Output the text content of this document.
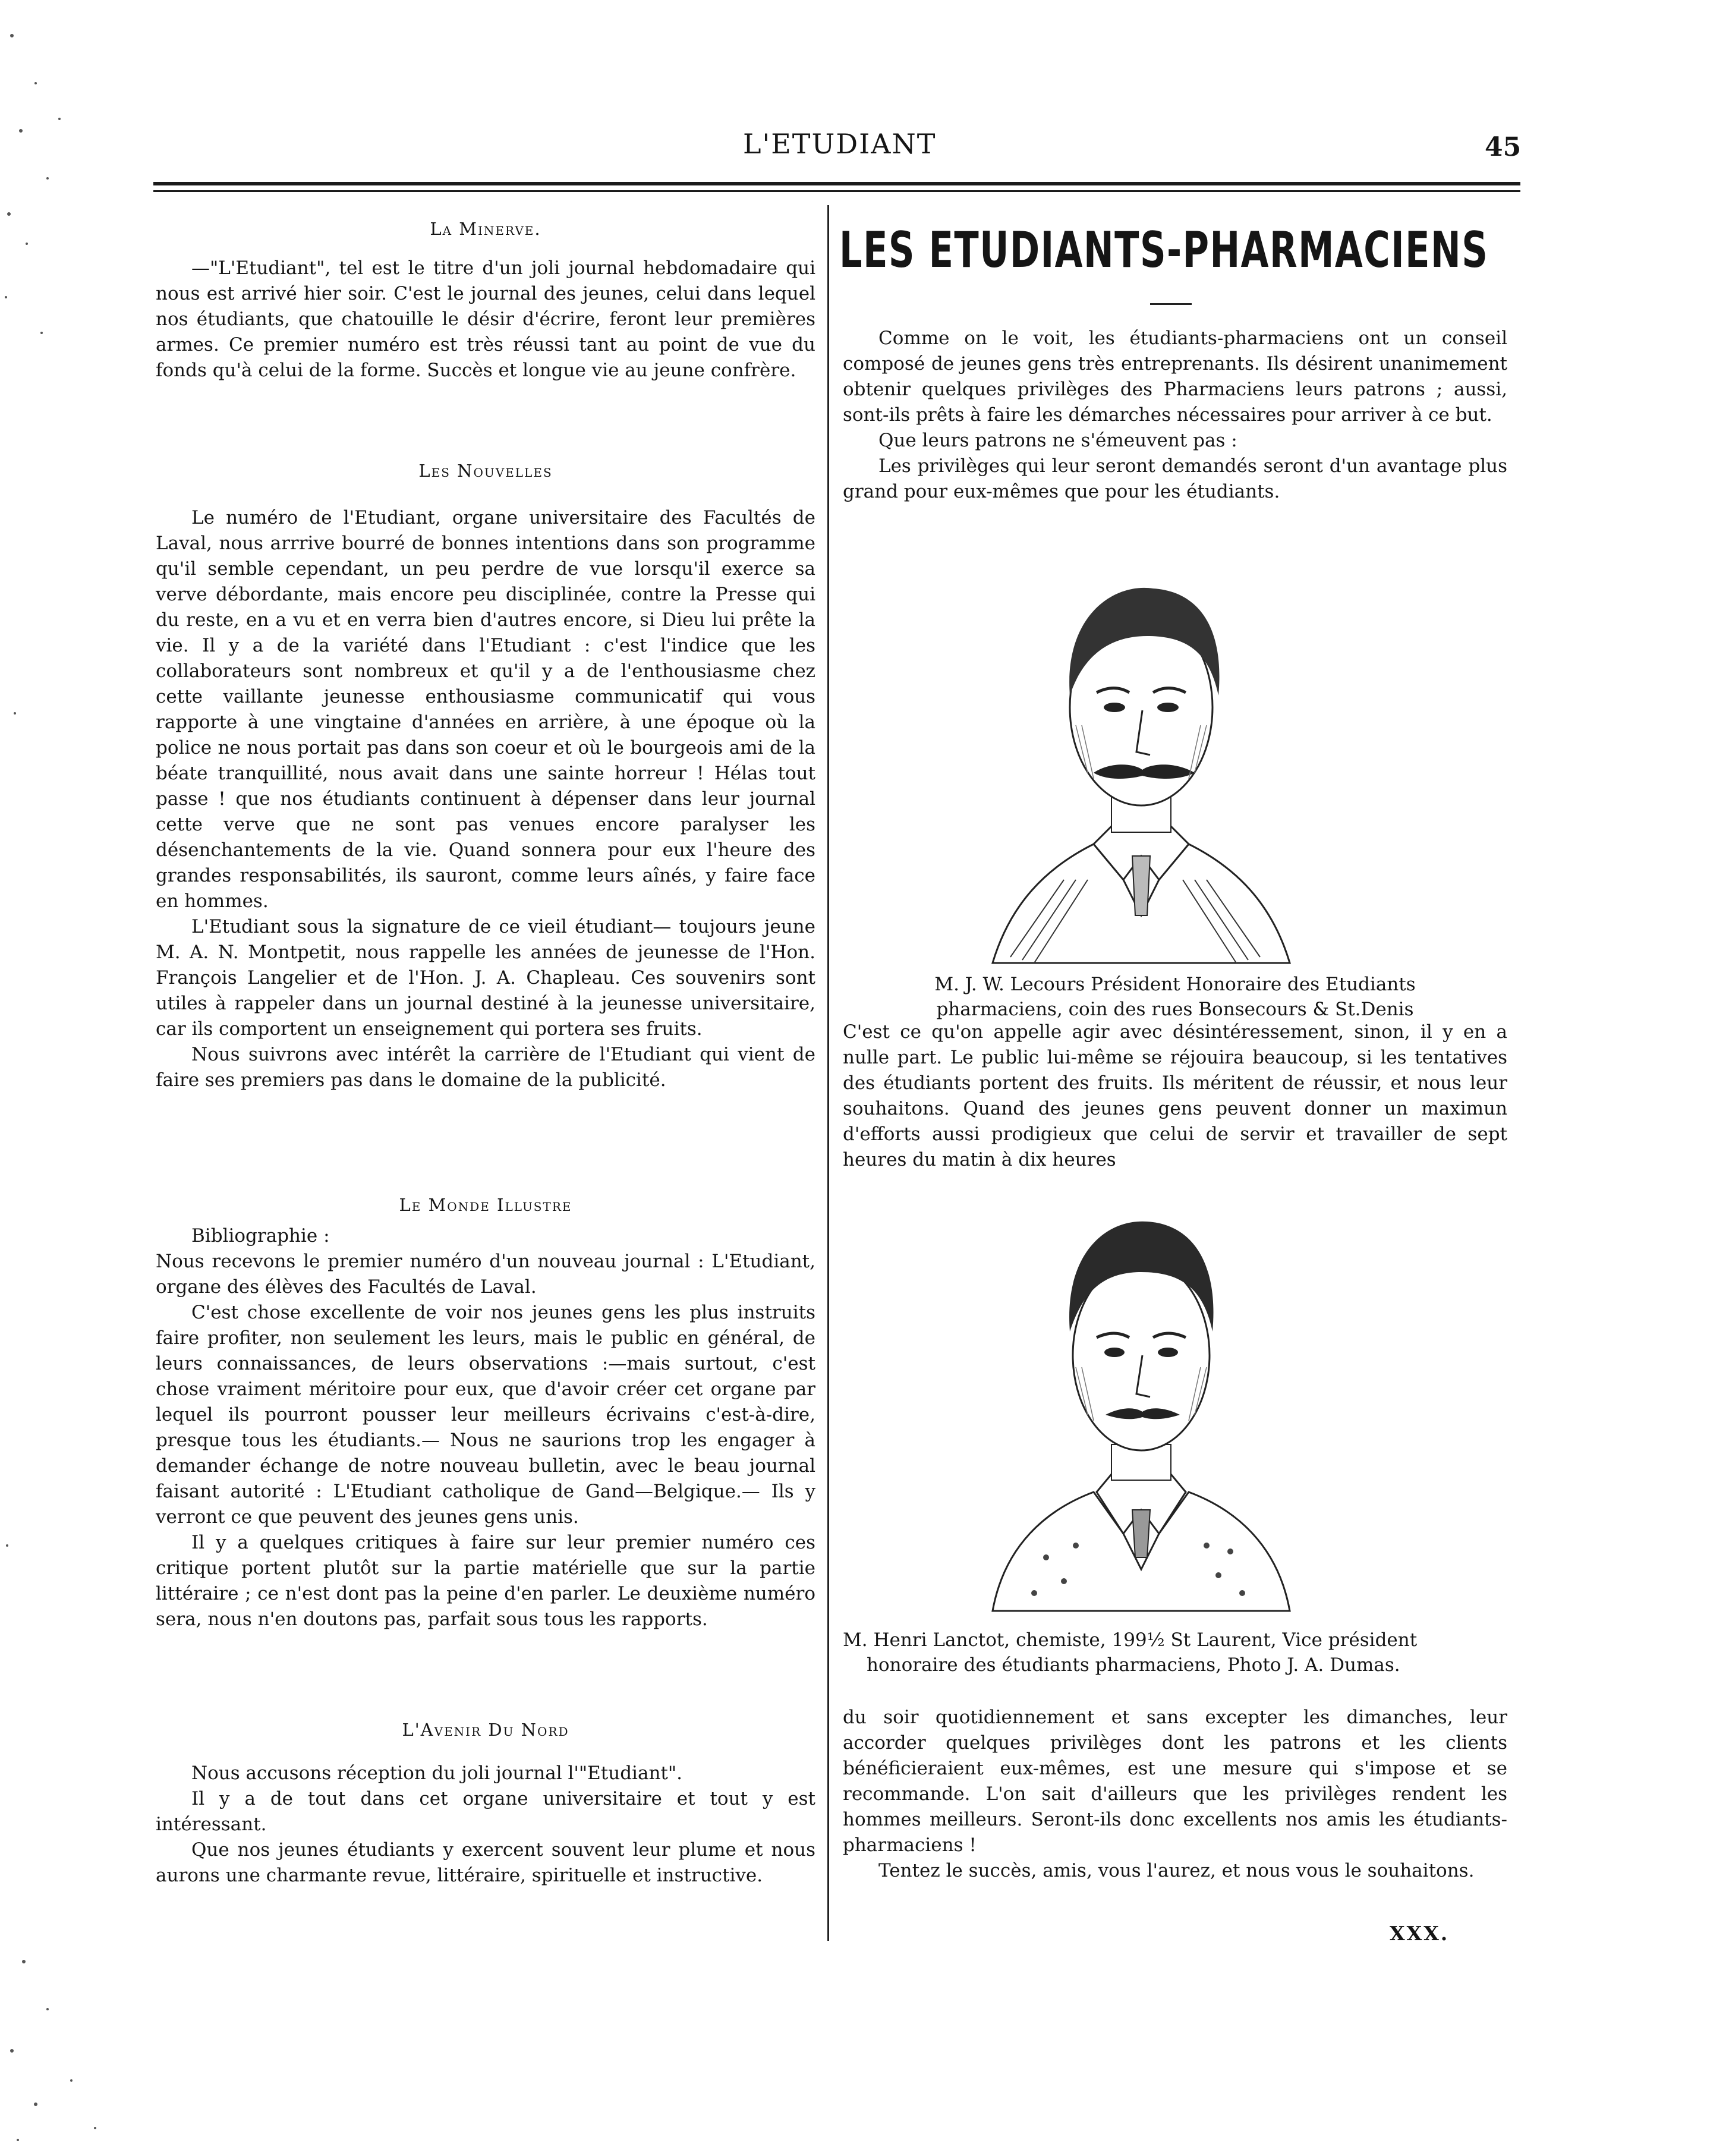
L'ETUDIANT	45
La Minerve.

—"L'Etudiant", tel est le titre d'un joli journal hebdomadaire qui nous est arrivé hier soir. C'est le journal des jeunes, celui dans lequel nos étudiants, que chatouille le désir d'écrire, feront leur premières armes. Ce premier numéro est très réussi tant au point de vue du fonds qu'à celui de la forme. Succès et longue vie au jeune confrère.

Les Nouvelles

Le numéro de l'Etudiant, organe universitaire des Facultés de Laval, nous arrrive bourré de bonnes intentions dans son programme qu'il semble cependant, un peu perdre de vue lorsqu'il exerce sa verve débordante, mais encore peu disciplinée, contre la Presse qui du reste, en a vu et en verra bien d'autres encore, si Dieu lui prête la vie. Il y a de la variété dans l'Etudiant : c'est l'indice que les collaborateurs sont nombreux et qu'il y a de l'enthousiasme chez cette vaillante jeunesse enthousiasme communicatif qui vous rapporte à une vingtaine d'années en arrière, à une époque où la police ne nous portait pas dans son coeur et où le bourgeois ami de la béate tranquillité, nous avait dans une sainte horreur ! Hélas tout passe ! que nos étudiants continuent à dépenser dans leur journal cette verve que ne sont pas venues encore paralyser les désenchantements de la vie. Quand sonnera pour eux l'heure des grandes responsabilités, ils sauront, comme leurs aînés, y faire face en hommes.

L'Etudiant sous la signature de ce vieil étudiant— toujours jeune M. A. N. Montpetit, nous rappelle les années de jeunesse de l'Hon. François Langelier et de l'Hon. J. A. Chapleau. Ces souvenirs sont utiles à rappeler dans un journal destiné à la jeunesse universitaire, car ils comportent un enseignement qui portera ses fruits.

Nous suivrons avec intérêt la carrière de l'Etudiant qui vient de faire ses premiers pas dans le domaine de la publicité.

Le Monde Illustre

Bibliographie :

Nous recevons le premier numéro d'un nouveau journal : L'Etudiant, organe des élèves des Facultés de Laval.

C'est chose excellente de voir nos jeunes gens les plus instruits faire profiter, non seulement les leurs, mais le public en général, de leurs connaissances, de leurs observations :—mais surtout, c'est chose vraiment méritoire pour eux, que d'avoir créer cet organe par lequel ils pourront pousser leur meilleurs écrivains c'est-à-dire, presque tous les étudiants.— Nous ne saurions trop les engager à demander échange de notre nouveau bulletin, avec le beau journal faisant autorité : L'Etudiant catholique de Gand—Belgique.— Ils y verront ce que peuvent des jeunes gens unis.

Il y a quelques critiques à faire sur leur premier numéro ces critique portent plutôt sur la partie matérielle que sur la partie littéraire ; ce n'est dont pas la peine d'en parler. Le deuxième numéro sera, nous n'en doutons pas, parfait sous tous les rapports.

L'Avenir Du Nord

Nous accusons réception du joli journal l'"Etudiant".

Il y a de tout dans cet organe universitaire et tout y est intéressant.

Que nos jeunes étudiants y exercent souvent leur plume et nous aurons une charmante revue, littéraire, spirituelle et instructive.

LES ETUDIANTS-PHARMACIENS

Comme on le voit, les étudiants-pharmaciens ont un conseil composé de jeunes gens très entreprenants. Ils désirent unanimement obtenir quelques privilèges des Pharmaciens leurs patrons ; aussi, sont-ils prêts à faire les démarches nécessaires pour arriver à ce but.

Que leurs patrons ne s'émeuvent pas :

Les privilèges qui leur seront demandés seront d'un avantage plus grand pour eux-mêmes que pour les étudiants.

M. J. W. Lecours Président Honoraire des Etudiants
pharmaciens, coin des rues Bonsecours & St.Denis

C'est ce qu'on appelle agir avec désintéressement, sinon, il y en a nulle part. Le public lui-même se réjouira beaucoup, si les tentatives des étudiants portent des fruits. Ils méritent de réussir, et nous leur souhaitons. Quand des jeunes gens peuvent donner un maximun d'efforts aussi prodigieux que celui de servir et travailler de sept heures du matin à dix heures

M. Henri Lanctot, chemiste, 199½ St Laurent, Vice président
honoraire des étudiants pharmaciens, Photo J. A. Dumas.

du soir quotidiennement et sans excepter les dimanches, leur accorder quelques privilèges dont les patrons et les clients bénéficieraient eux-mêmes, est une mesure qui s'impose et se recommande. L'on sait d'ailleurs que les privilèges rendent les hommes meilleurs. Seront-ils donc excellents nos amis les étudiants-pharmaciens !

Tentez le succès, amis, vous l'aurez, et nous vous le souhaitons.

XXX.
